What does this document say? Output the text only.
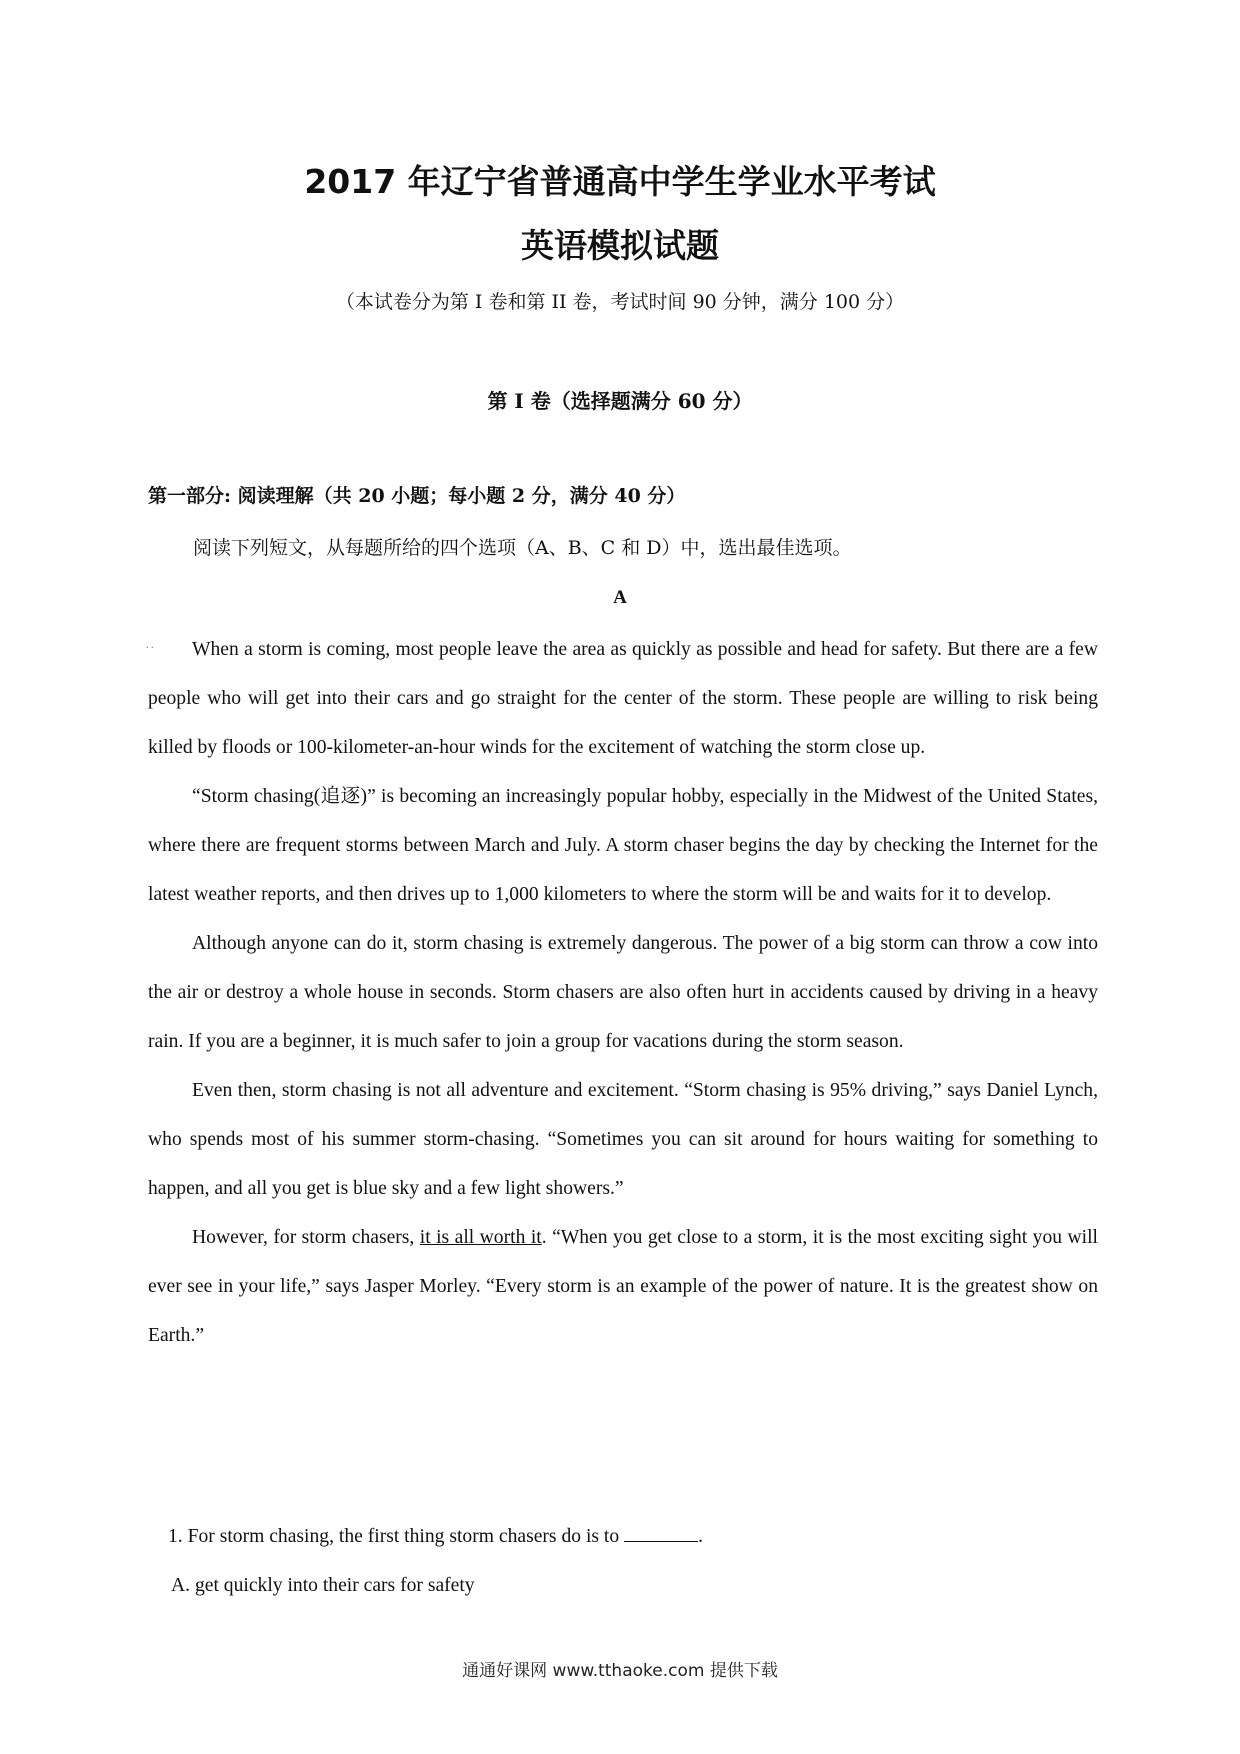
2017 年辽宁省普通高中学生学业水平考试
英语模拟试题
（本试卷分为第 I 卷和第 II 卷，考试时间 90 分钟，满分 100 分）
第 I 卷（选择题满分 60 分）
第一部分: 阅读理解（共 20 小题；每小题 2 分，满分 40 分）
阅读下列短文，从每题所给的四个选项（A、B、C 和 D）中，选出最佳选项。
A
. .	When a storm is coming, most people leave the area as quickly as possible and head for safety. But there are a few people who will get into their cars and go straight for the center of the storm. These people are willing to risk being killed by floods or 100-kilometer-an-hour winds for the excitement of watching the storm close up.

“Storm chasing(追逐)” is becoming an increasingly popular hobby, especially in the Midwest of the United States, where there are frequent storms between March and July. A storm chaser begins the day by checking the Internet for the latest weather reports, and then drives up to 1,000 kilometers to where the storm will be and waits for it to develop.

Although anyone can do it, storm chasing is extremely dangerous. The power of a big storm can throw a cow into the air or destroy a whole house in seconds. Storm chasers are also often hurt in accidents caused by driving in a heavy rain. If you are a beginner, it is much safer to join a group for vacations during the storm season.

Even then, storm chasing is not all adventure and excitement. “Storm chasing is 95% driving,” says Daniel Lynch, who spends most of his summer storm-chasing. “Sometimes you can sit around for hours waiting for something to happen, and all you get is blue sky and a few light showers.”

However, for storm chasers, it is all worth it. “When you get close to a storm, it is the most exciting sight you will ever see in your life,” says Jasper Morley. “Every storm is an example of the power of nature. It is the greatest show on Earth.”

1. For storm chasing, the first thing storm chasers do is to	.
A. get quickly into their cars for safety
通通好课网 www.tthaoke.com 提供下载
